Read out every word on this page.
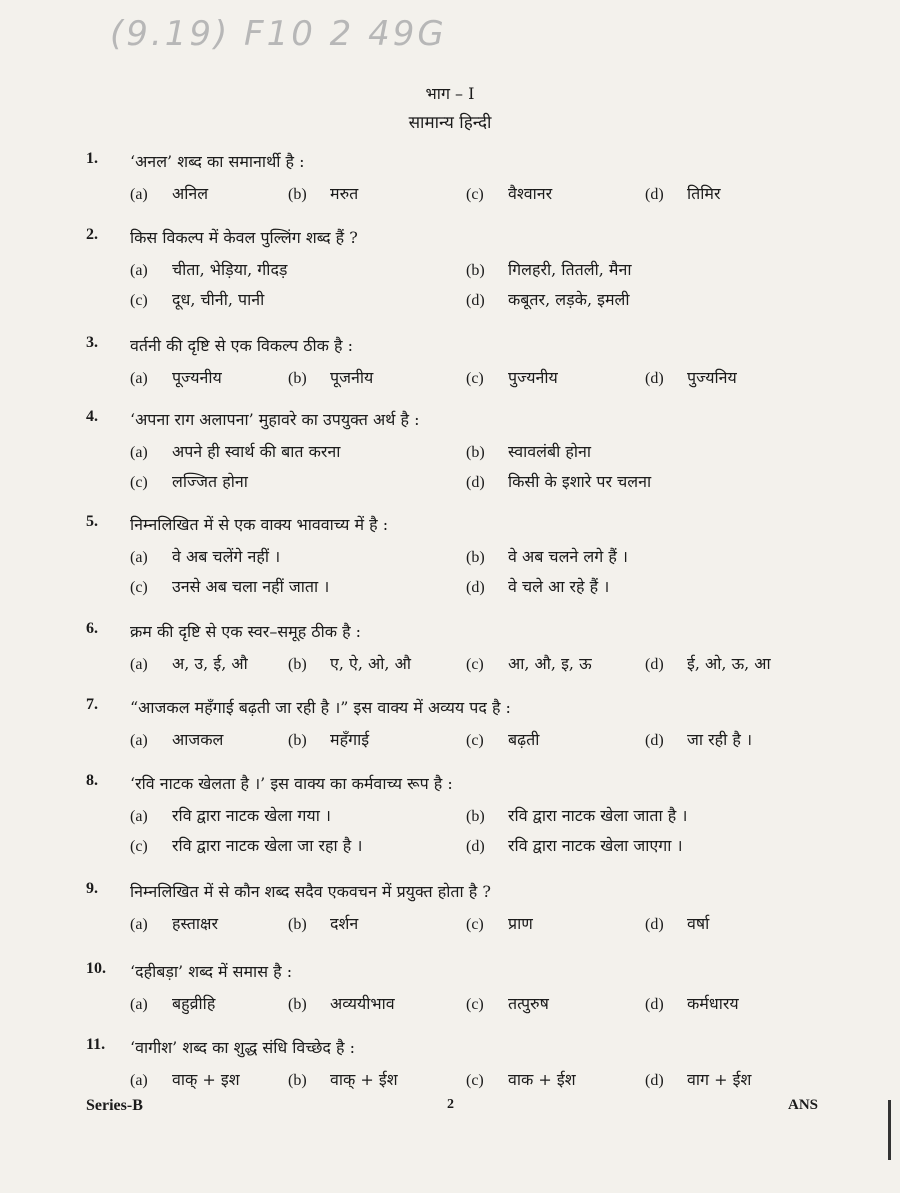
(9.19) F10 2 49G
भाग – I
सामान्य हिन्दी
1. ‘अनल’ शब्द का समानार्थी है :
(a) अनिल	(b) मरुत	(c) वैश्वानर	(d) तिमिर
2. किस विकल्प में केवल पुल्लिंग शब्द हैं ?
(a) चीता, भेड़िया, गीदड़	(b) गिलहरी, तितली, मैना
(c) दूध, चीनी, पानी	(d) कबूतर, लड़के, इमली
3. वर्तनी की दृष्टि से एक विकल्प ठीक है :
(a) पूज्यनीय	(b) पूजनीय	(c) पुज्यनीय	(d) पुज्यनिय
4. ‘अपना राग अलापना’ मुहावरे का उपयुक्त अर्थ है :
(a) अपने ही स्वार्थ की बात करना	(b) स्वावलंबी होना
(c) लज्जित होना	(d) किसी के इशारे पर चलना
5. निम्नलिखित में से एक वाक्य भाववाच्य में है :
(a) वे अब चलेंगे नहीं ।	(b) वे अब चलने लगे हैं ।
(c) उनसे अब चला नहीं जाता ।	(d) वे चले आ रहे हैं ।
6. क्रम की दृष्टि से एक स्वर–समूह ठीक है :
(a) अ, उ, ई, औ	(b) ए, ऐ, ओ, औ	(c) आ, औ, इ, ऊ	(d) ई, ओ, ऊ, आ
7. “आजकल महँगाई बढ़ती जा रही है ।” इस वाक्य में अव्यय पद है :
(a) आजकल	(b) महँगाई	(c) बढ़ती	(d) जा रही है ।
8. ‘रवि नाटक खेलता है ।’ इस वाक्य का कर्मवाच्य रूप है :
(a) रवि द्वारा नाटक खेला गया ।	(b) रवि द्वारा नाटक खेला जाता है ।
(c) रवि द्वारा नाटक खेला जा रहा है ।	(d) रवि द्वारा नाटक खेला जाएगा ।
9. निम्नलिखित में से कौन शब्द सदैव एकवचन में प्रयुक्त होता है ?
(a) हस्ताक्षर	(b) दर्शन	(c) प्राण	(d) वर्षा
10. ‘दहीबड़ा’ शब्द में समास है :
(a) बहुव्रीहि	(b) अव्ययीभाव	(c) तत्पुरुष	(d) कर्मधारय
11. ‘वागीश’ शब्द का शुद्ध संधि विच्छेद है :
(a) वाक् + इश	(b) वाक् + ईश	(c) वाक + ईश	(d) वाग + ईश
Series-B	2	ANS
